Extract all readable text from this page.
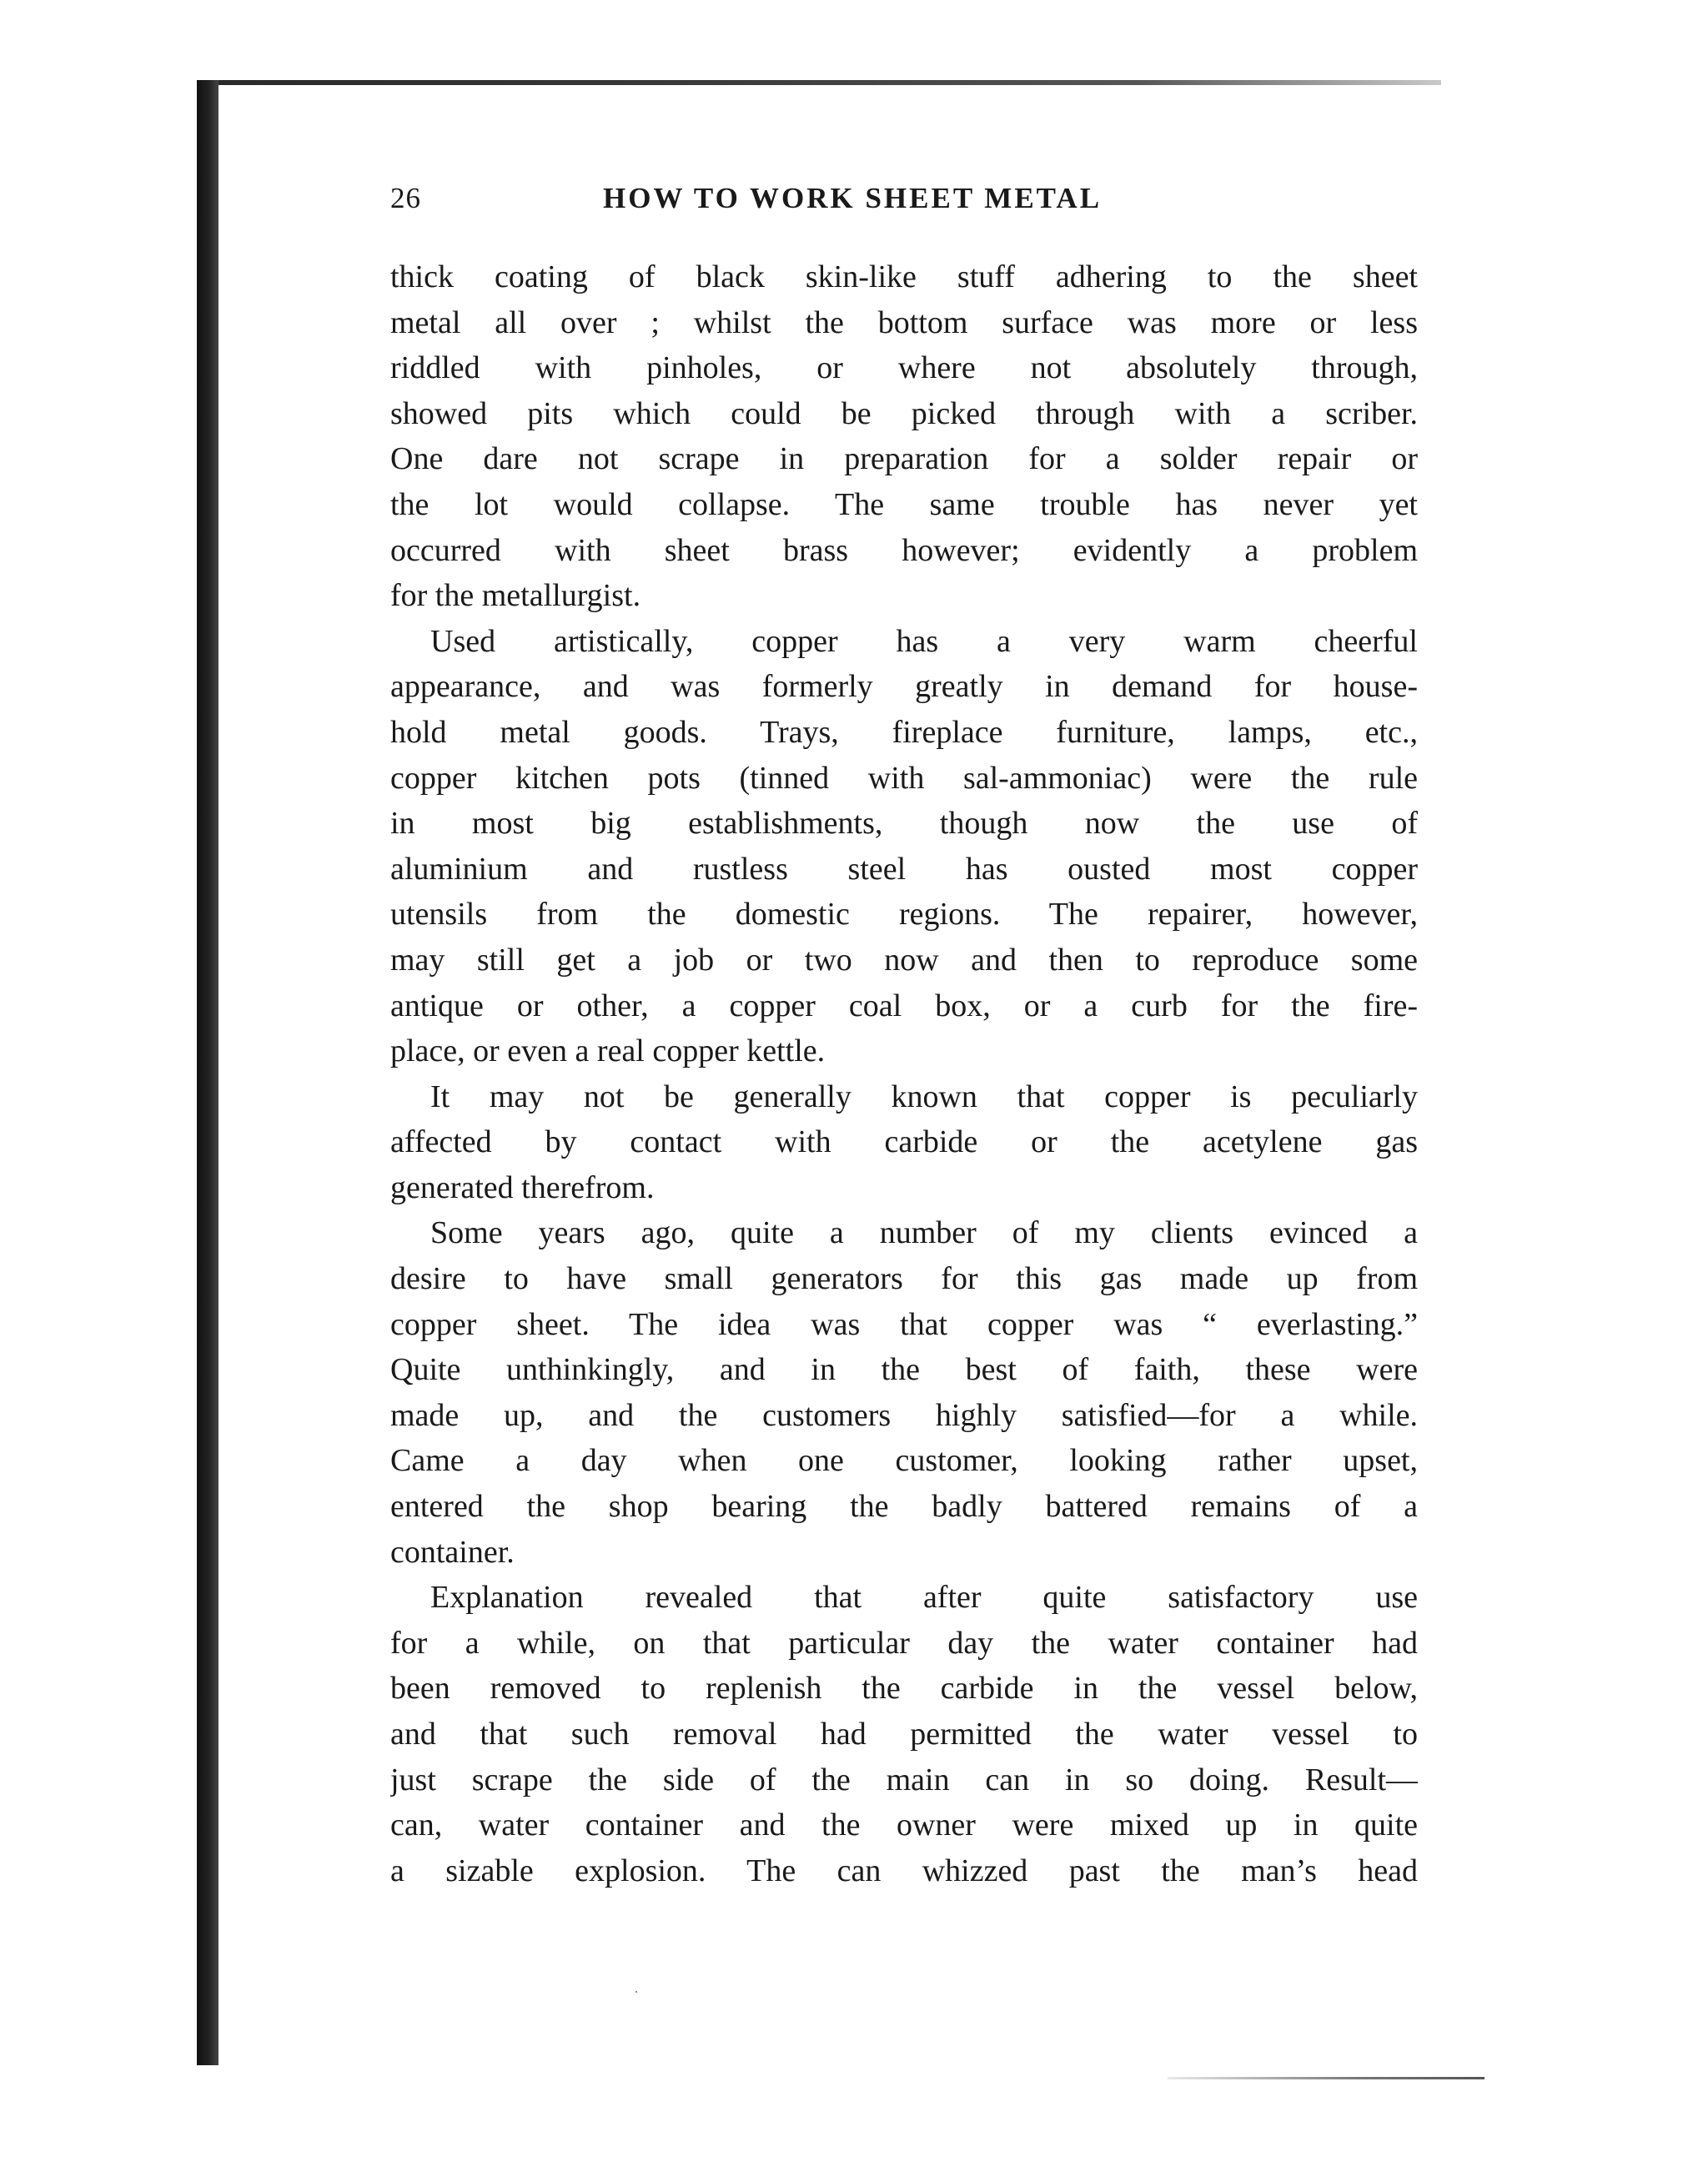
26	HOW TO WORK SHEET METAL
thick coating of black skin-like stuff adhering to the sheet
metal all over ; whilst the bottom surface was more or less
riddled with pinholes, or where not absolutely through,
showed pits which could be picked through with a scriber.
One dare not scrape in preparation for a solder repair or
the lot would collapse. The same trouble has never yet
occurred with sheet brass however; evidently a problem
for the metallurgist.
Used artistically, copper has a very warm cheerful
appearance, and was formerly greatly in demand for house-
hold metal goods. Trays, fireplace furniture, lamps, etc.,
copper kitchen pots (tinned with sal-ammoniac) were the rule
in most big establishments, though now the use of
aluminium and rustless steel has ousted most copper
utensils from the domestic regions. The repairer, however,
may still get a job or two now and then to reproduce some
antique or other, a copper coal box, or a curb for the fire-
place, or even a real copper kettle.
It may not be generally known that copper is peculiarly
affected by contact with carbide or the acetylene gas
generated therefrom.
Some years ago, quite a number of my clients evinced a
desire to have small generators for this gas made up from
copper sheet. The idea was that copper was “ everlasting.”
Quite unthinkingly, and in the best of faith, these were
made up, and the customers highly satisfied—for a while.
Came a day when one customer, looking rather upset,
entered the shop bearing the badly battered remains of a
container.
Explanation revealed that after quite satisfactory use
for a while, on that particular day the water container had
been removed to replenish the carbide in the vessel below,
and that such removal had permitted the water vessel to
just scrape the side of the main can in so doing. Result—
can, water container and the owner were mixed up in quite
a sizable explosion. The can whizzed past the man’s head
·
